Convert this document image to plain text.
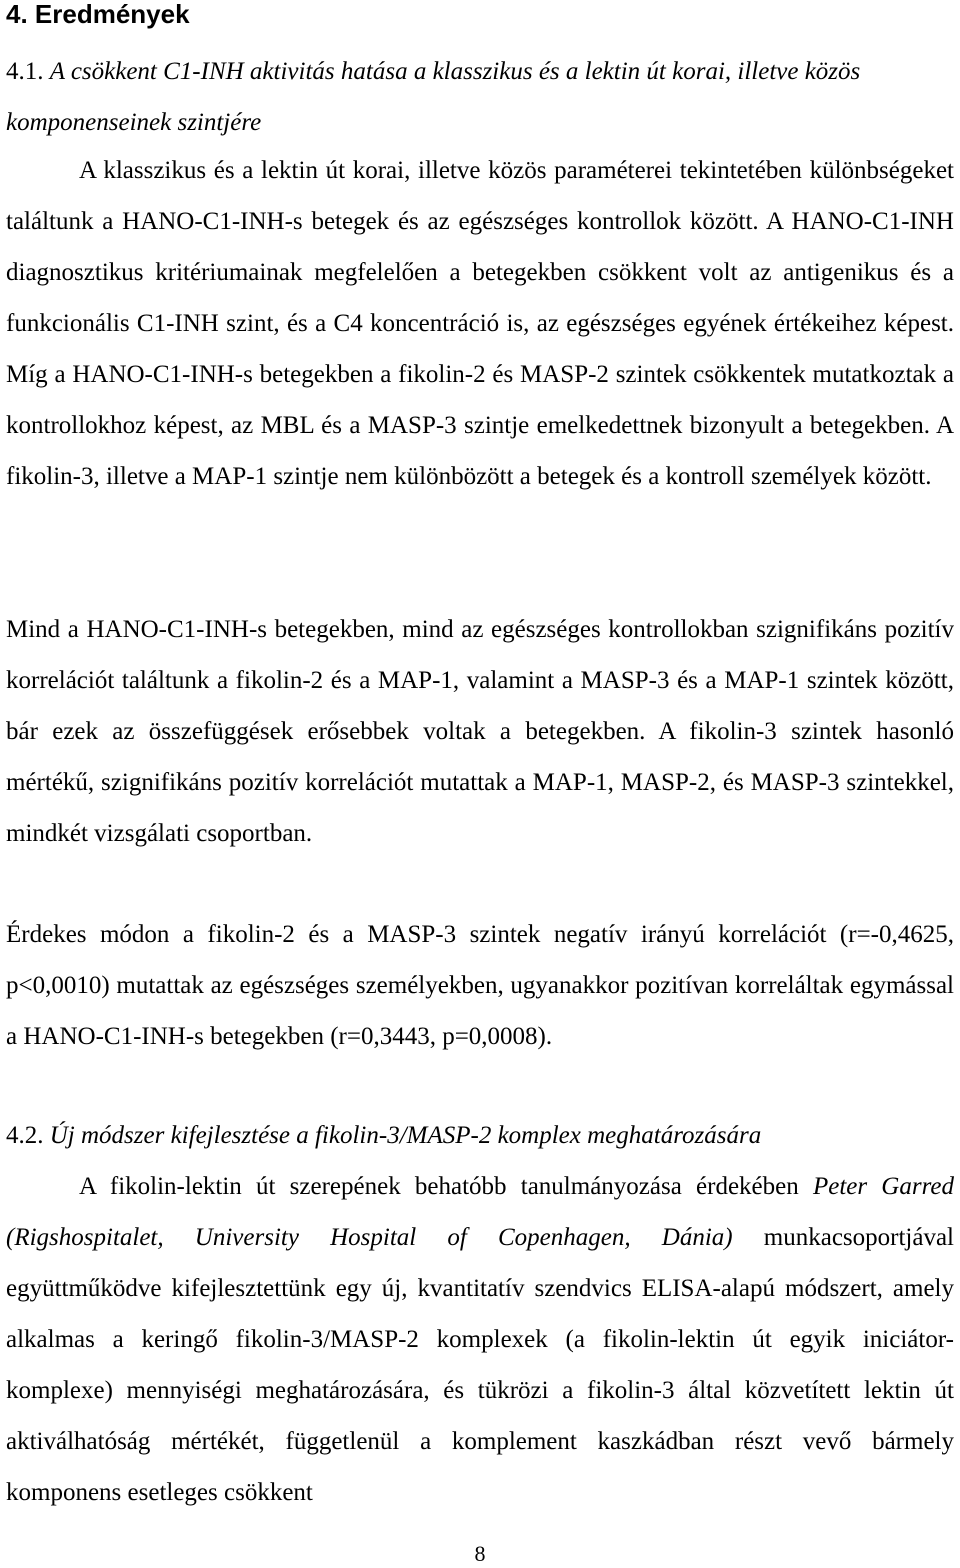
4. Eredmények
4.1. A csökkent C1-INH aktivitás hatása a klasszikus és a lektin út korai, illetve közös komponenseinek szintjére

A klasszikus és a lektin út korai, illetve közös paraméterei tekintetében különbségeket találtunk a HANO-C1-INH-s betegek és az egészséges kontrollok között. A HANO-C1-INH diagnosztikus kritériumainak megfelelően a betegekben csökkent volt az antigenikus és a funkcionális C1-INH szint, és a C4 koncentráció is, az egészséges egyének értékeihez képest. Míg a HANO-C1-INH-s betegekben a fikolin-2 és MASP-2 szintek csökkentek mutatkoztak a kontrollokhoz képest, az MBL és a MASP-3 szintje emelkedettnek bizonyult a betegekben. A fikolin-3, illetve a MAP-1 szintje nem különbözött a betegek és a kontroll személyek között.

Mind a HANO-C1-INH-s betegekben, mind az egészséges kontrollokban szignifikáns pozitív korrelációt találtunk a fikolin-2 és a MAP-1, valamint a MASP-3 és a MAP-1 szintek között, bár ezek az összefüggések erősebbek voltak a betegekben. A fikolin-3 szintek hasonló mértékű, szignifikáns pozitív korrelációt mutattak a MAP-1, MASP-2, és MASP-3 szintekkel, mindkét vizsgálati csoportban.

Érdekes módon a fikolin-2 és a MASP-3 szintek negatív irányú korrelációt (r=-0,4625, p<0,0010) mutattak az egészséges személyekben, ugyanakkor pozitívan korreláltak egymással a HANO-C1-INH-s betegekben (r=0,3443, p=0,0008).

4.2. Új módszer kifejlesztése a fikolin-3/MASP-2 komplex meghatározására

A fikolin-lektin út szerepének behatóbb tanulmányozása érdekében Peter Garred (Rigshospitalet, University Hospital of Copenhagen, Dánia) munkacsoportjával együttműködve kifejlesztettünk egy új, kvantitatív szendvics ELISA-alapú módszert, amely alkalmas a keringő fikolin-3/MASP-2 komplexek (a fikolin-lektin út egyik iniciátor-komplexe) mennyiségi meghatározására, és tükrözi a fikolin-3 által közvetített lektin út aktiválhatóság mértékét, függetlenül a komplement kaszkádban részt vevő bármely komponens esetleges csökkent

8
